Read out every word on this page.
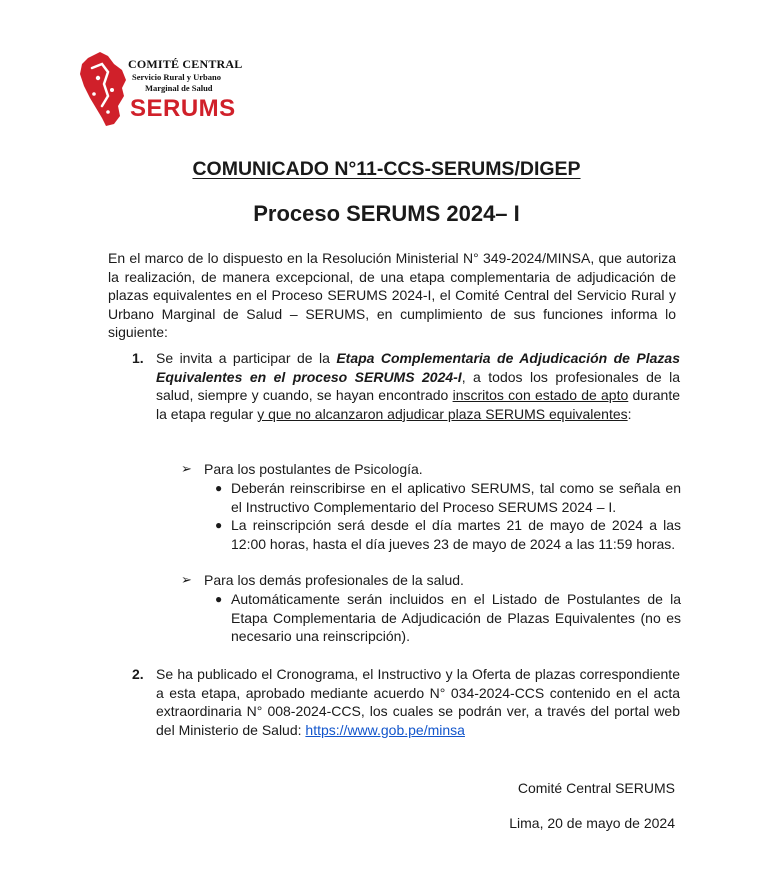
COMITÉ CENTRAL
Servicio Rural y Urbano
Marginal de Salud
SERUMS
COMUNICADO N°11-CCS-SERUMS/DIGEP
Proceso SERUMS 2024– I
En el marco de lo dispuesto en la Resolución Ministerial N° 349-2024/MINSA, que autoriza la realización, de manera excepcional, de una etapa complementaria de adjudicación de plazas equivalentes en el Proceso SERUMS 2024-I, el Comité Central del Servicio Rural y Urbano Marginal de Salud – SERUMS, en cumplimiento de sus funciones informa lo siguiente:
1. Se invita a participar de la Etapa Complementaria de Adjudicación de Plazas Equivalentes en el proceso SERUMS 2024-I, a todos los profesionales de la salud, siempre y cuando, se hayan encontrado inscritos con estado de apto durante la etapa regular y que no alcanzaron adjudicar plaza SERUMS equivalentes:
➢ Para los postulantes de Psicología.
● Deberán reinscribirse en el aplicativo SERUMS, tal como se señala en el Instructivo Complementario del Proceso SERUMS 2024 – I.
● La reinscripción será desde el día martes 21 de mayo de 2024 a las 12:00 horas, hasta el día jueves 23 de mayo de 2024 a las 11:59 horas.
➢ Para los demás profesionales de la salud.
● Automáticamente serán incluidos en el Listado de Postulantes de la Etapa Complementaria de Adjudicación de Plazas Equivalentes (no es necesario una reinscripción).
2. Se ha publicado el Cronograma, el Instructivo y la Oferta de plazas correspondiente a esta etapa, aprobado mediante acuerdo N° 034-2024-CCS contenido en el acta extraordinaria N° 008-2024-CCS, los cuales se podrán ver, a través del portal web del Ministerio de Salud: https://www.gob.pe/minsa
Comité Central SERUMS
Lima, 20 de mayo de 2024
